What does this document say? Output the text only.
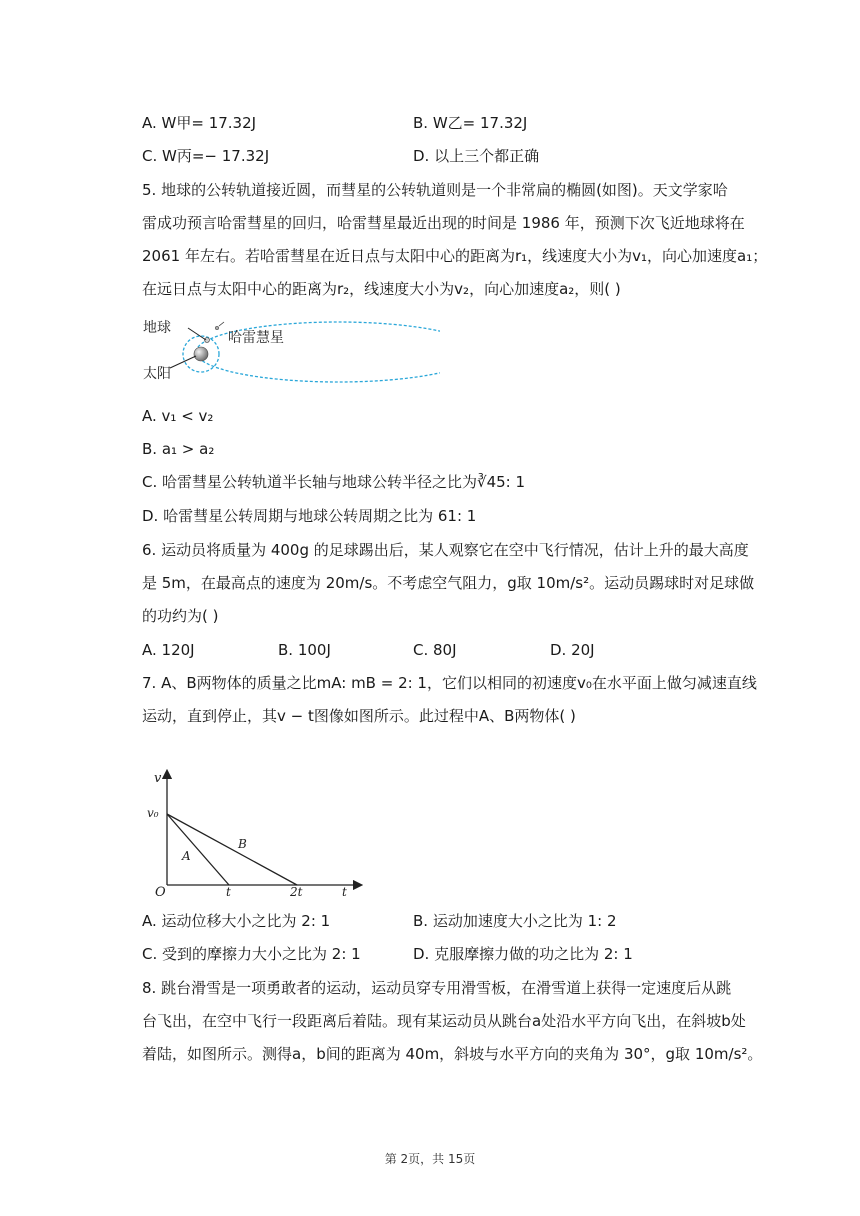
A. W甲= 17.32J	B. W乙= 17.32J
C. W丙=− 17.32J	D. 以上三个都正确
5. 地球的公转轨道接近圆，而彗星的公转轨道则是一个非常扁的椭圆(如图)。天文学家哈
雷成功预言哈雷彗星的回归，哈雷彗星最近出现的时间是 1986 年，预测下次飞近地球将在
2061 年左右。若哈雷彗星在近日点与太阳中心的距离为r₁，线速度大小为v₁，向心加速度a₁；
在远日点与太阳中心的距离为r₂，线速度大小为v₂，向心加速度a₂，则( )
地球
哈雷慧星
太阳
A. v₁ < v₂
B. a₁ > a₂
C. 哈雷彗星公转轨道半长轴与地球公转半径之比为∛45: 1
D. 哈雷彗星公转周期与地球公转周期之比为 61: 1
6. 运动员将质量为 400g 的足球踢出后，某人观察它在空中飞行情况，估计上升的最大高度
是 5m，在最高点的速度为 20m/s。不考虑空气阻力，g取 10m/s²。运动员踢球时对足球做
的功约为( )
A. 120J	B. 100J	C. 80J	D. 20J
7. A、B两物体的质量之比mA: mB = 2: 1，它们以相同的初速度v₀在水平面上做匀减速直线
运动，直到停止，其v − t图像如图所示。此过程中A、B两物体( )
v
v₀
A
B
O	t	2t	t
A. 运动位移大小之比为 2: 1	B. 运动加速度大小之比为 1: 2
C. 受到的摩擦力大小之比为 2: 1	D. 克服摩擦力做的功之比为 2: 1
8. 跳台滑雪是一项勇敢者的运动，运动员穿专用滑雪板，在滑雪道上获得一定速度后从跳
台飞出，在空中飞行一段距离后着陆。现有某运动员从跳台a处沿水平方向飞出，在斜坡b处
着陆，如图所示。测得a，b间的距离为 40m，斜坡与水平方向的夹角为 30°，g取 10m/s²。
第 2页，共 15页
